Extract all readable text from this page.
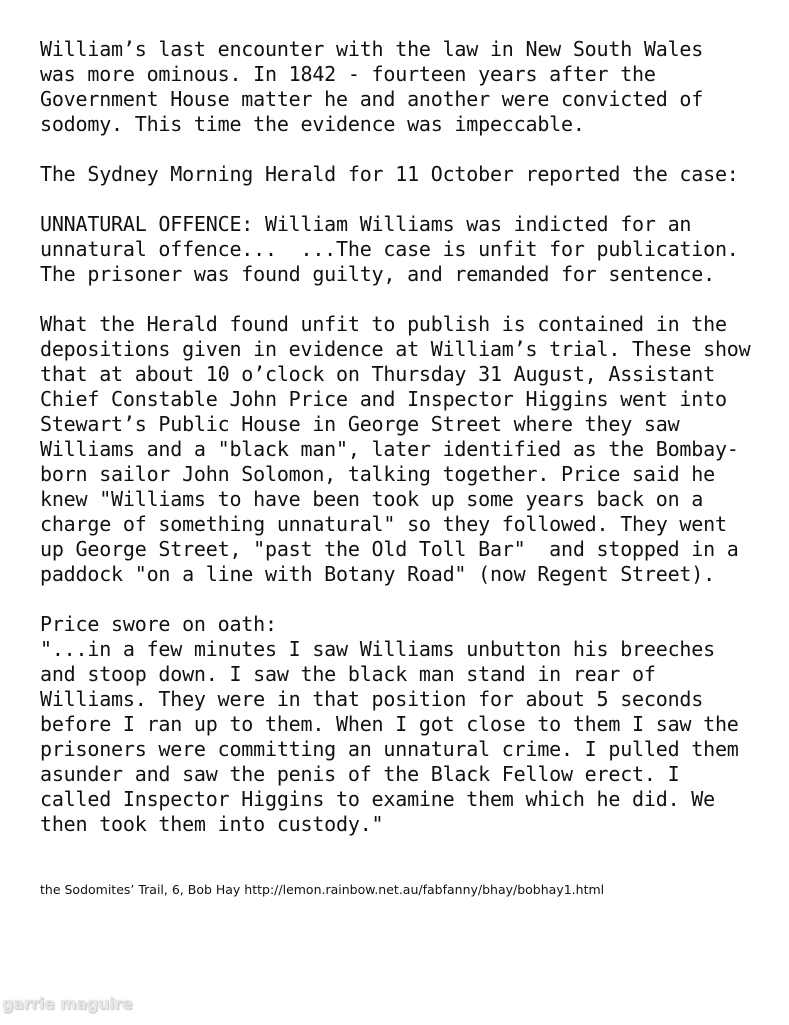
William’s last encounter with the law in New South Wales
was more ominous. In 1842 - fourteen years after the
Government House matter he and another were convicted of
sodomy. This time the evidence was impeccable.

The Sydney Morning Herald for 11 October reported the case:

UNNATURAL OFFENCE: William Williams was indicted for an
unnatural offence...  ...The case is unfit for publication.
The prisoner was found guilty, and remanded for sentence.

What the Herald found unfit to publish is contained in the
depositions given in evidence at William’s trial. These show
that at about 10 o’clock on Thursday 31 August, Assistant
Chief Constable John Price and Inspector Higgins went into
Stewart’s Public House in George Street where they saw
Williams and a "black man", later identified as the Bombay-
born sailor John Solomon, talking together. Price said he
knew "Williams to have been took up some years back on a
charge of something unnatural" so they followed. They went
up George Street, "past the Old Toll Bar"  and stopped in a
paddock "on a line with Botany Road" (now Regent Street).

Price swore on oath:
"...in a few minutes I saw Williams unbutton his breeches
and stoop down. I saw the black man stand in rear of
Williams. They were in that position for about 5 seconds
before I ran up to them. When I got close to them I saw the
prisoners were committing an unnatural crime. I pulled them
asunder and saw the penis of the Black Fellow erect. I
called Inspector Higgins to examine them which he did. We
then took them into custody."

the Sodomites’ Trail, 6, Bob Hay http://lemon.rainbow.net.au/fabfanny/bhay/bobhay1.html
garrie maguire
